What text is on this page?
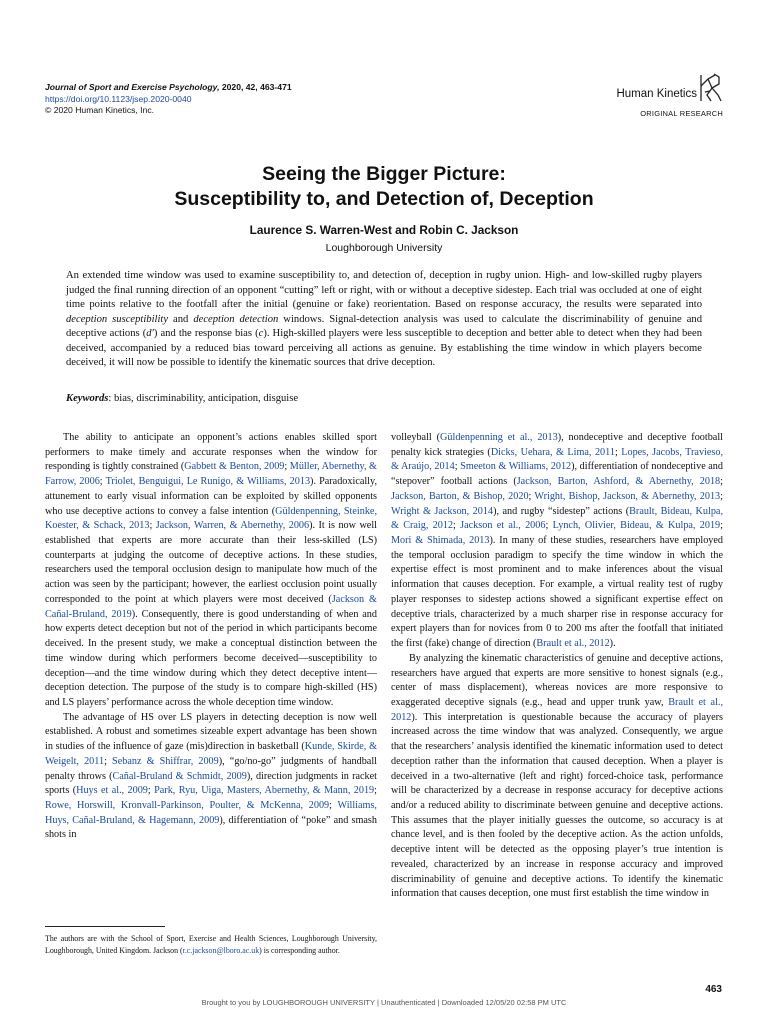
Journal of Sport and Exercise Psychology, 2020, 42, 463-471
https://doi.org/10.1123/jsep.2020-0040
© 2020 Human Kinetics, Inc.
Human Kinetics
ORIGINAL RESEARCH
Seeing the Bigger Picture:
Susceptibility to, and Detection of, Deception
Laurence S. Warren-West and Robin C. Jackson
Loughborough University
An extended time window was used to examine susceptibility to, and detection of, deception in rugby union. High- and low-skilled rugby players judged the final running direction of an opponent “cutting” left or right, with or without a deceptive sidestep. Each trial was occluded at one of eight time points relative to the footfall after the initial (genuine or fake) reorientation. Based on response accuracy, the results were separated into deception susceptibility and deception detection windows. Signal-detection analysis was used to calculate the discriminability of genuine and deceptive actions (d′) and the response bias (c). High-skilled players were less susceptible to deception and better able to detect when they had been deceived, accompanied by a reduced bias toward perceiving all actions as genuine. By establishing the time window in which players become deceived, it will now be possible to identify the kinematic sources that drive deception.
Keywords: bias, discriminability, anticipation, disguise

The ability to anticipate an opponent’s actions enables skilled sport performers to make timely and accurate responses when the window for responding is tightly constrained (Gabbett & Benton, 2009; Müller, Abernethy, & Farrow, 2006; Triolet, Benguigui, Le Runigo, & Williams, 2013). Paradoxically, attunement to early visual information can be exploited by skilled opponents who use deceptive actions to convey a false intention (Güldenpenning, Steinke, Koester, & Schack, 2013; Jackson, Warren, & Abernethy, 2006). It is now well established that experts are more accurate than their less-skilled (LS) counterparts at judging the outcome of deceptive actions. In these studies, researchers used the temporal occlusion design to manipulate how much of the action was seen by the participant; however, the earliest occlusion point usually corresponded to the point at which players were most deceived (Jackson & Cañal-Bruland, 2019). Consequently, there is good understanding of when and how experts detect deception but not of the period in which participants become deceived. In the present study, we make a conceptual distinction between the time window during which performers become deceived—susceptibility to deception—and the time window during which they detect deceptive intent—deception detection. The purpose of the study is to compare high-skilled (HS) and LS players’ performance across the whole deception time window.

The advantage of HS over LS players in detecting deception is now well established. A robust and sometimes sizeable expert advantage has been shown in studies of the influence of gaze (mis)direction in basketball (Kunde, Skirde, & Weigelt, 2011; Sebanz & Shiffrar, 2009), “go/no-go” judgments of handball penalty throws (Cañal-Bruland & Schmidt, 2009), direction judgments in racket sports (Huys et al., 2009; Park, Ryu, Uiga, Masters, Abernethy, & Mann, 2019; Rowe, Horswill, Kronvall-Parkinson, Poulter, & McKenna, 2009; Williams, Huys, Cañal-Bruland, & Hagemann, 2009), differentiation of “poke” and smash shots in

volleyball (Güldenpenning et al., 2013), nondeceptive and deceptive football penalty kick strategies (Dicks, Uehara, & Lima, 2011; Lopes, Jacobs, Travieso, & Araújo, 2014; Smeeton & Williams, 2012), differentiation of nondeceptive and “stepover” football actions (Jackson, Barton, Ashford, & Abernethy, 2018; Jackson, Barton, & Bishop, 2020; Wright, Bishop, Jackson, & Abernethy, 2013; Wright & Jackson, 2014), and rugby “sidestep” actions (Brault, Bideau, Kulpa, & Craig, 2012; Jackson et al., 2006; Lynch, Olivier, Bideau, & Kulpa, 2019; Mori & Shimada, 2013). In many of these studies, researchers have employed the temporal occlusion paradigm to specify the time window in which the expertise effect is most prominent and to make inferences about the visual information that causes deception. For example, a virtual reality test of rugby player responses to sidestep actions showed a significant expertise effect on deceptive trials, characterized by a much sharper rise in response accuracy for expert players than for novices from 0 to 200 ms after the footfall that initiated the first (fake) change of direction (Brault et al., 2012).

By analyzing the kinematic characteristics of genuine and deceptive actions, researchers have argued that experts are more sensitive to honest signals (e.g., center of mass displacement), whereas novices are more responsive to exaggerated deceptive signals (e.g., head and upper trunk yaw, Brault et al., 2012). This interpretation is questionable because the accuracy of players increased across the time window that was analyzed. Consequently, we argue that the researchers’ analysis identified the kinematic information used to detect deception rather than the information that caused deception. When a player is deceived in a two-alternative (left and right) forced-choice task, performance will be characterized by a decrease in response accuracy for deceptive actions and/or a reduced ability to discriminate between genuine and deceptive actions. This assumes that the player initially guesses the outcome, so accuracy is at chance level, and is then fooled by the deceptive action. As the action unfolds, deceptive intent will be detected as the opposing player’s true intention is revealed, characterized by an increase in response accuracy and improved discriminability of genuine and deceptive actions. To identify the kinematic information that causes deception, one must first establish the time window in

The authors are with the School of Sport, Exercise and Health Sciences, Loughborough University, Loughborough, United Kingdom. Jackson (r.c.jackson@lboro.ac.uk) is corresponding author.
463
Brought to you by LOUGHBOROUGH UNIVERSITY | Unauthenticated | Downloaded 12/05/20 02:58 PM UTC
